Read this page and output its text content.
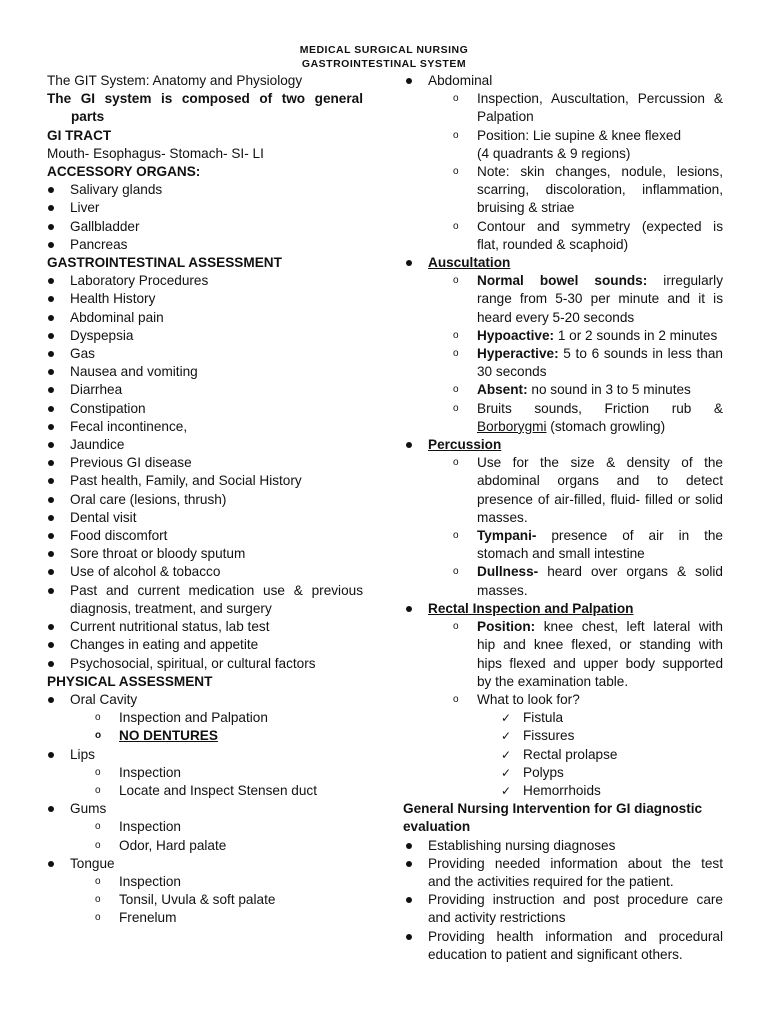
MEDICAL SURGICAL NURSING
GASTROINTESTINAL SYSTEM

The GIT System: Anatomy and Physiology

The GI system is composed of two general

parts

GI TRACT

Mouth- Esophagus- Stomach- SI- LI

ACCESSORY ORGANS:

Salivary glands

Liver

Gallbladder

Pancreas

GASTROINTESTINAL ASSESSMENT

Laboratory Procedures

Health History

Abdominal pain

Dyspepsia

Gas

Nausea and vomiting

Diarrhea

Constipation

Fecal incontinence,

Jaundice

Previous GI disease

Past health, Family, and Social History

Oral care (lesions, thrush)

Dental visit

Food discomfort

Sore throat or bloody sputum

Use of alcohol & tobacco

Past and current medication use & previous

diagnosis, treatment, and surgery

Current nutritional status, lab test

Changes in eating and appetite

Psychosocial, spiritual, or cultural factors

PHYSICAL ASSESSMENT

Oral Cavity

o Inspection and Palpation

o NO DENTURES

Lips

o Inspection

o Locate and Inspect Stensen duct

Gums

o Inspection

o Odor, Hard palate

Tongue

o Inspection

o Tonsil, Uvula & soft palate

o Frenelum

Abdominal

o Inspection, Auscultation, Percussion &

Palpation

o Position: Lie supine & knee flexed

(4 quadrants & 9 regions)

o Note: skin changes, nodule, lesions,

scarring, discoloration, inflammation,

bruising & striae

o Contour and symmetry (expected is

flat, rounded & scaphoid)

Auscultation

o Normal bowel sounds: irregularly

range from 5-30 per minute and it is

heard every 5-20 seconds

o Hypoactive: 1 or 2 sounds in 2 minutes

o Hyperactive: 5 to 6 sounds in less than

30 seconds

o Absent: no sound in 3 to 5 minutes

o Bruits sounds, Friction rub &

Borborygmi (stomach growling)

Percussion

o Use for the size & density of the

abdominal organs and to detect

presence of air-filled, fluid- filled or solid

masses.

o Tympani- presence of air in the

stomach and small intestine

o Dullness- heard over organs & solid

masses.

Rectal Inspection and Palpation

o Position: knee chest, left lateral with

hip and knee flexed, or standing with

hips flexed and upper body supported

by the examination table.

o What to look for?

✓ Fistula

✓ Fissures

✓ Rectal prolapse

✓ Polyps

✓ Hemorrhoids

General Nursing Intervention for GI diagnostic

evaluation

Establishing nursing diagnoses

Providing needed information about the test

and the activities required for the patient.

Providing instruction and post procedure care

and activity restrictions

Providing health information and procedural

education to patient and significant others.
